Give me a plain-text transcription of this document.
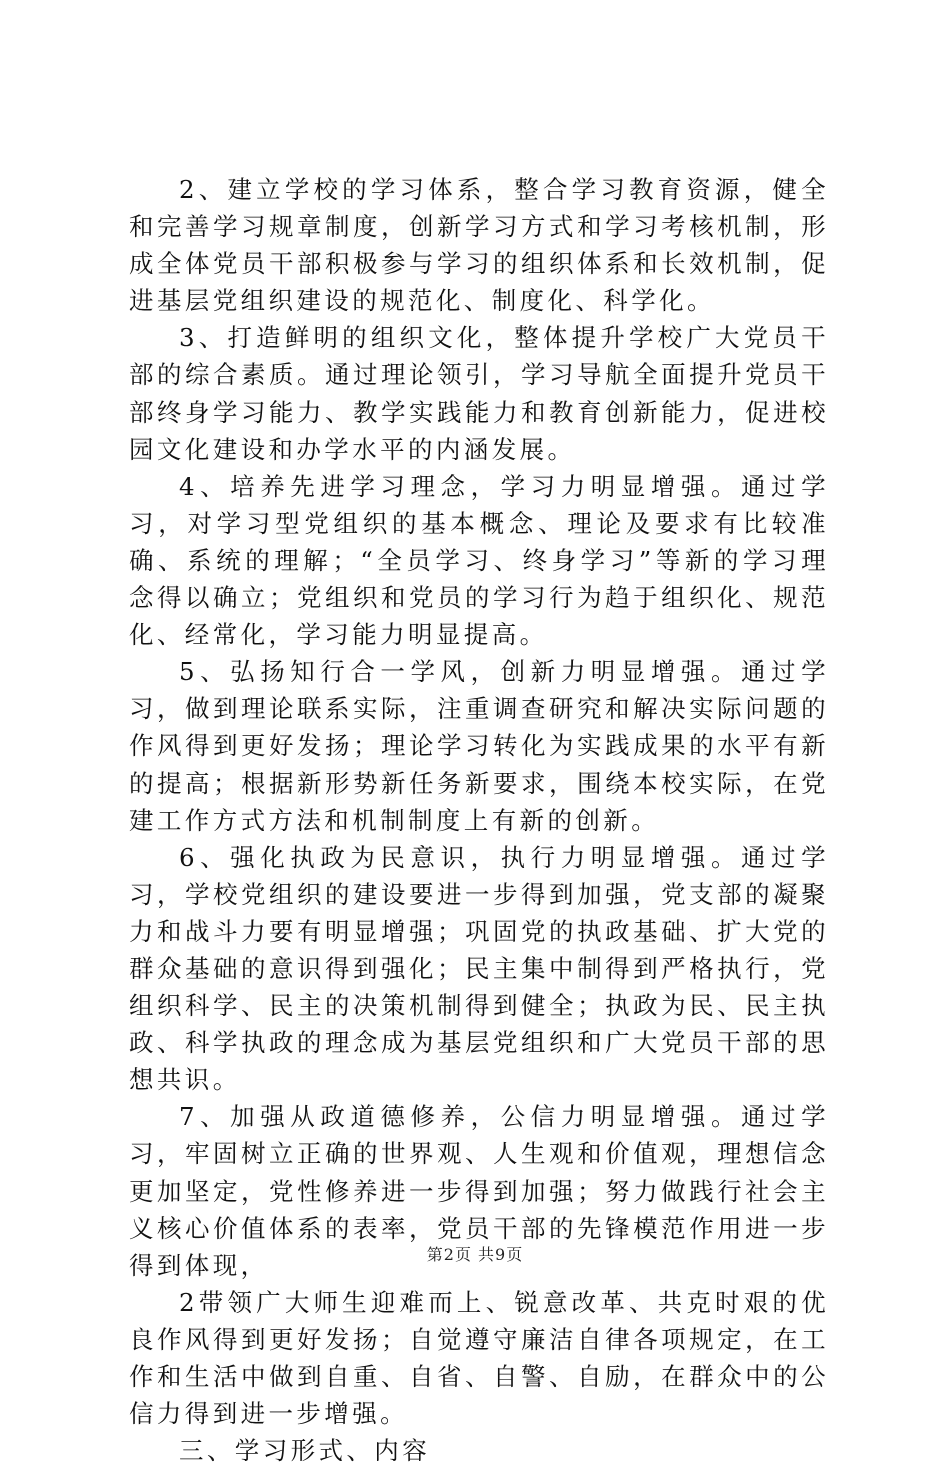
2、建立学校的学习体系，整合学习教育资源，健全和完善学习规章制度，创新学习方式和学习考核机制，形成全体党员干部积极参与学习的组织体系和长效机制，促进基层党组织建设的规范化、制度化、科学化。

3、打造鲜明的组织文化，整体提升学校广大党员干部的综合素质。通过理论领引，学习导航全面提升党员干部终身学习能力、教学实践能力和教育创新能力，促进校园文化建设和办学水平的内涵发展。

4、培养先进学习理念，学习力明显增强。通过学习，对学习型党组织的基本概念、理论及要求有比较准确、系统的理解；“全员学习、终身学习”等新的学习理念得以确立；党组织和党员的学习行为趋于组织化、规范化、经常化，学习能力明显提高。

5、弘扬知行合一学风，创新力明显增强。通过学习，做到理论联系实际，注重调查研究和解决实际问题的作风得到更好发扬；理论学习转化为实践成果的水平有新的提高；根据新形势新任务新要求，围绕本校实际，在党建工作方式方法和机制制度上有新的创新。

6、强化执政为民意识，执行力明显增强。通过学习，学校党组织的建设要进一步得到加强，党支部的凝聚力和战斗力要有明显增强；巩固党的执政基础、扩大党的群众基础的意识得到强化；民主集中制得到严格执行，党组织科学、民主的决策机制得到健全；执政为民、民主执政、科学执政的理念成为基层党组织和广大党员干部的思想共识。

7、加强从政道德修养，公信力明显增强。通过学习，牢固树立正确的世界观、人生观和价值观，理想信念更加坚定，党性修养进一步得到加强；努力做践行社会主义核心价值体系的表率，党员干部的先锋模范作用进一步得到体现，

2带领广大师生迎难而上、锐意改革、共克时艰的优良作风得到更好发扬；自觉遵守廉洁自律各项规定，在工作和生活中做到自重、自省、自警、自励，在群众中的公信力得到进一步增强。

三、学习形式、内容

第2页 共9页
